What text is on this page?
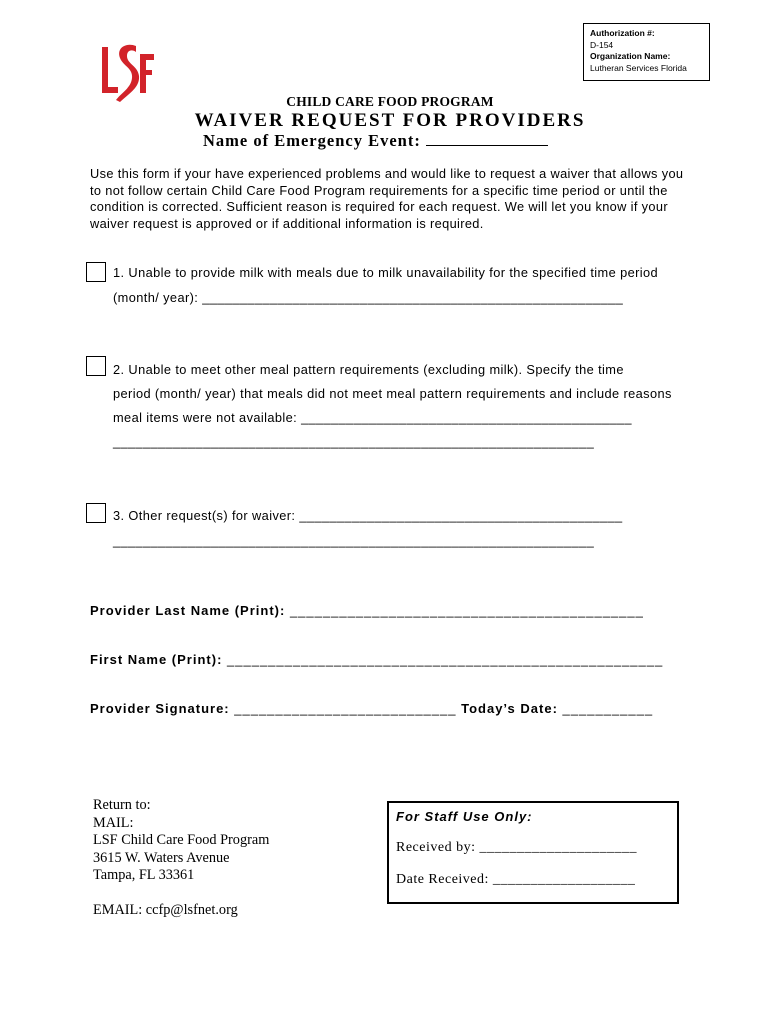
Authorization #:
D-154
Organization Name:
Lutheran Services Florida
CHILD CARE FOOD PROGRAM
WAIVER REQUEST FOR PROVIDERS
Name of Emergency Event:
Use this form if your have experienced problems and would like to request a waiver that allows you to not follow certain Child Care Food Program requirements for a specific time period or until the condition is corrected. Sufficient reason is required for each request. We will let you know if your waiver request is approved or if additional information is required.
1. Unable to provide milk with meals due to milk unavailability for the specified time period
(month/ year): ________________________________________________________
2. Unable to meet other meal pattern requirements (excluding milk). Specify the time
period (month/ year) that meals did not meet meal pattern requirements and include reasons
meal items were not available: ____________________________________________
________________________________________________________________
3. Other request(s) for waiver: ___________________________________________
________________________________________________________________
Provider Last Name (Print): ___________________________________________
First Name (Print): _____________________________________________________
Provider Signature: ___________________________ Today’s Date: ___________
Return to:
MAIL:
LSF Child Care Food Program
3615 W. Waters Avenue
Tampa, FL 33361
EMAIL: ccfp@lsfnet.org
For Staff Use Only:
Received by: _____________________
Date Received: ___________________
